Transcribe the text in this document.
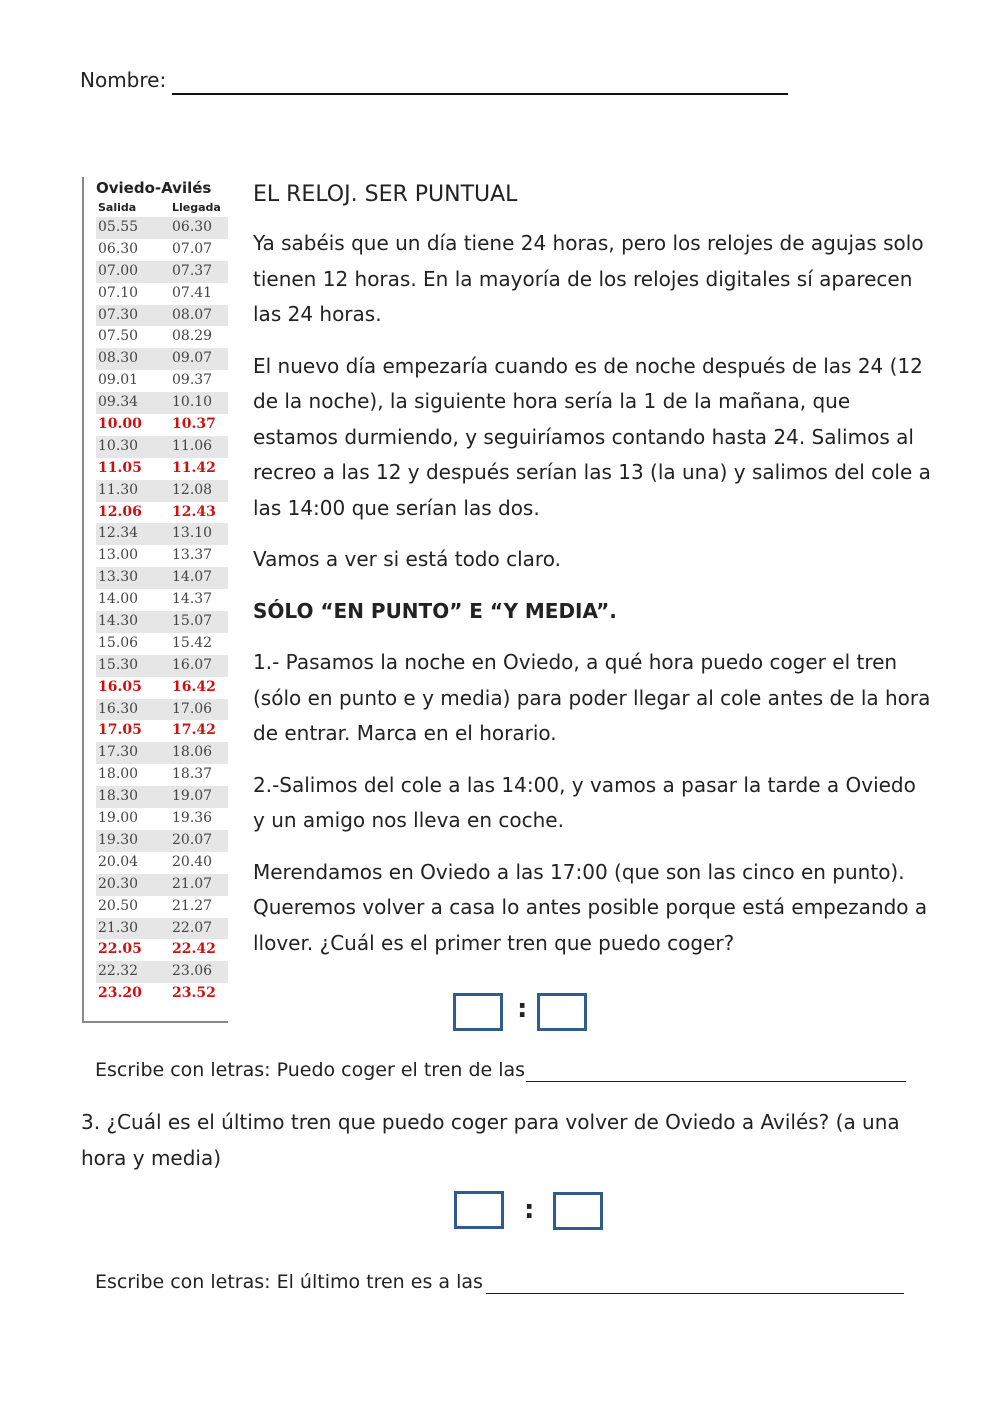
Nombre:
Oviedo-Avilés
Salida	Llegada
05.55	06.30
06.30	07.07
07.00	07.37
07.10	07.41
07.30	08.07
07.50	08.29
08.30	09.07
09.01	09.37
09.34	10.10
10.00	10.37
10.30	11.06
11.05	11.42
11.30	12.08
12.06	12.43
12.34	13.10
13.00	13.37
13.30	14.07
14.00	14.37
14.30	15.07
15.06	15.42
15.30	16.07
16.05	16.42
16.30	17.06
17.05	17.42
17.30	18.06
18.00	18.37
18.30	19.07
19.00	19.36
19.30	20.07
20.04	20.40
20.30	21.07
20.50	21.27
21.30	22.07
22.05	22.42
22.32	23.06
23.20	23.52
EL RELOJ. SER PUNTUAL

Ya sabéis que un día tiene 24 horas, pero los relojes de agujas solo tienen 12 horas. En la mayoría de los relojes digitales sí aparecen las 24 horas.

El nuevo día empezaría cuando es de noche después de las 24 (12 de la noche), la siguiente hora sería la 1 de la mañana, que estamos durmiendo, y seguiríamos contando hasta 24. Salimos al recreo a las 12 y después serían las 13 (la una) y salimos del cole a las 14:00 que serían las dos.

Vamos a ver si está todo claro.

SÓLO “EN PUNTO” E “Y MEDIA”.

1.- Pasamos la noche en Oviedo, a qué hora puedo coger el tren (sólo en punto e y media) para poder llegar al cole antes de la hora de entrar. Marca en el horario.

2.-Salimos del cole a las 14:00, y vamos a pasar la tarde a Oviedo y un amigo nos lleva en coche.

Merendamos en Oviedo a las 17:00 (que son las cinco en punto). Queremos volver a casa lo antes posible porque está empezando a llover. ¿Cuál es el primer tren que puedo coger?

:
Escribe con letras: Puedo coger el tren de las
3. ¿Cuál es el último tren que puedo coger para volver de Oviedo a Avilés? (a una hora y media)
:
Escribe con letras: El último tren es a las
